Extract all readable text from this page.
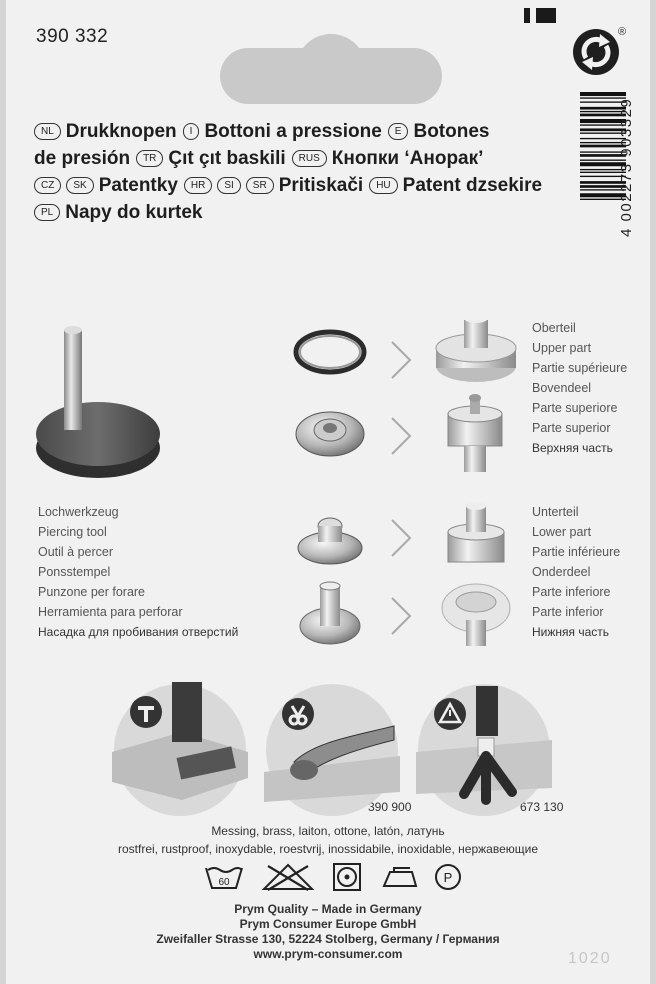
390 332	®
4 002273 903329
NL Drukknopen	I Bottoni a pressione	E Botones
de presión	TR Çıt çıt baskili	RUS Кнопки ‘Анорак’
CZ	SK Patentky	HR	SI	SR Pritiskači	HU Patent dzsekire
PL Napy do kurtek
Oberteil
Upper part
Partie supérieure
Bovendeel
Parte superiore
Parte superior
Верхняя часть
Unterteil
Lower part
Partie inférieure
Onderdeel
Parte inferiore
Parte inferior
Нижняя часть
Lochwerkzeug
Piercing tool
Outil à percer
Ponsstempel
Punzone per forare
Herramienta para perforar
Насадка для пробивания отверстий
390 900	673 130
Messing, brass, laiton, ottone, latón, латунь
rostfrei, rustproof, inoxydable, roestvrij, inossidabile, inoxidable, нержавеющие
60	P
Prym Quality – Made in Germany
Prym Consumer Europe GmbH
Zweifaller Strasse 130, 52224 Stolberg, Germany / Германия
www.prym-consumer.com	1020
